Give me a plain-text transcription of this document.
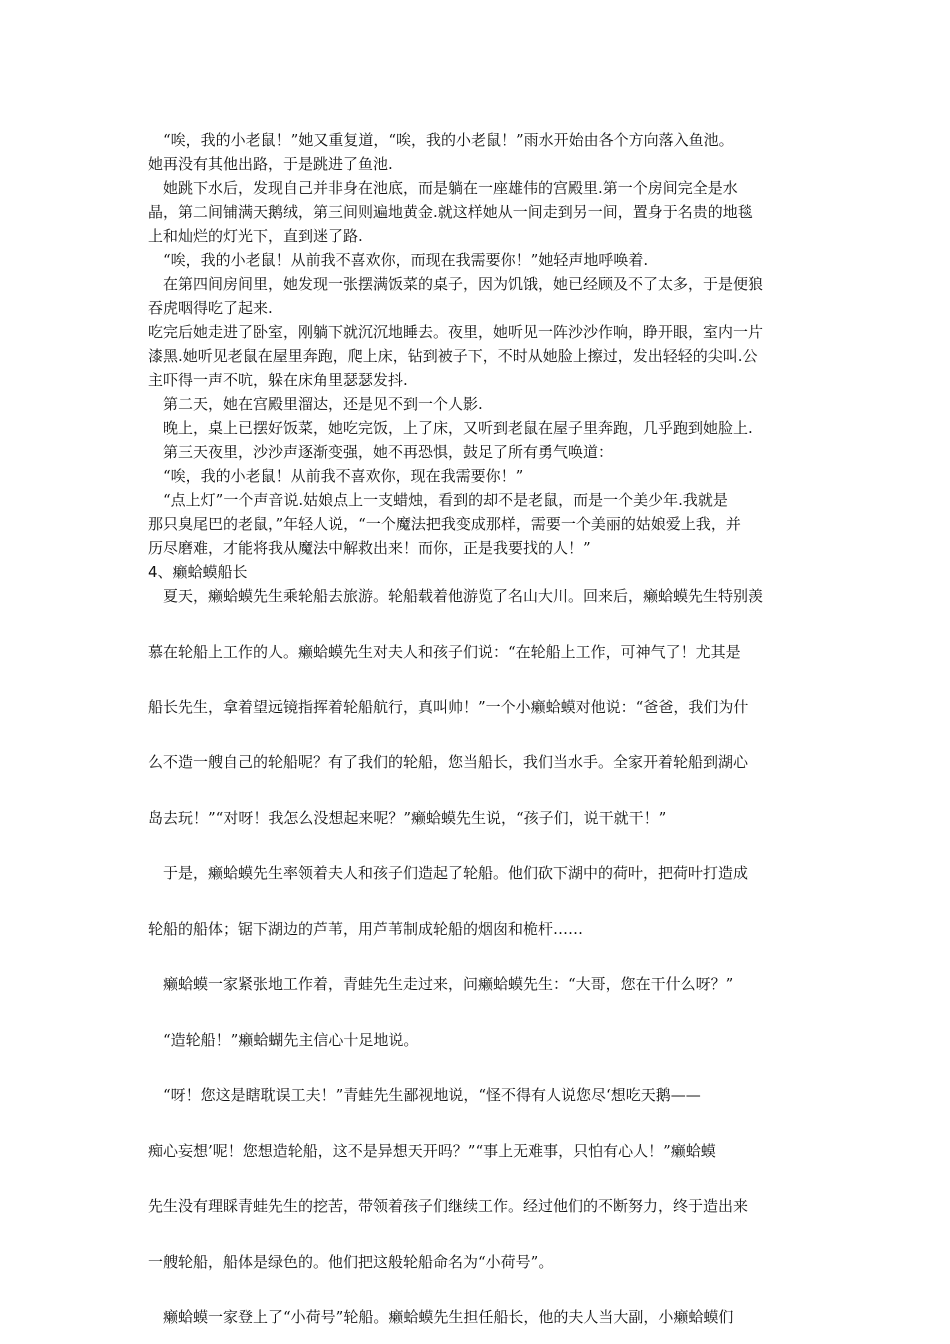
　“唉，我的小老鼠！”她又重复道，“唉，我的小老鼠！”雨水开始由各个方向落入鱼池。
她再没有其他出路，于是跳进了鱼池.
　她跳下水后，发现自己并非身在池底，而是躺在一座雄伟的宫殿里.第一个房间完全是水
晶，第二间铺满天鹅绒，第三间则遍地黄金.就这样她从一间走到另一间，置身于名贵的地毯
上和灿烂的灯光下，直到迷了路.
　“唉，我的小老鼠！从前我不喜欢你，而现在我需要你！”她轻声地呼唤着.
　在第四间房间里，她发现一张摆满饭菜的桌子，因为饥饿，她已经顾及不了太多，于是便狼
吞虎咽得吃了起来.
吃完后她走进了卧室，刚躺下就沉沉地睡去。夜里，她听见一阵沙沙作响，睁开眼，室内一片
漆黑.她听见老鼠在屋里奔跑，爬上床，钻到被子下，不时从她脸上擦过，发出轻轻的尖叫.公
主吓得一声不吭，躲在床角里瑟瑟发抖.
　第二天，她在宫殿里溜达，还是见不到一个人影.
　晚上，桌上已摆好饭菜，她吃完饭，上了床，又听到老鼠在屋子里奔跑，几乎跑到她脸上.
　第三天夜里，沙沙声逐渐变强，她不再恐惧，鼓足了所有勇气唤道：
　“唉，我的小老鼠！从前我不喜欢你，现在我需要你！”
　“点上灯”一个声音说.姑娘点上一支蜡烛，看到的却不是老鼠，而是一个美少年.我就是
那只臭尾巴的老鼠，”年轻人说，“一个魔法把我变成那样，需要一个美丽的姑娘爱上我，并
历尽磨难，才能将我从魔法中解救出来！而你，正是我要找的人！”
4、癞蛤蟆船长
　夏天，癞蛤蟆先生乘轮船去旅游。轮船载着他游览了名山大川。回来后，癞蛤蟆先生特别羡
慕在轮船上工作的人。癞蛤蟆先生对夫人和孩子们说：“在轮船上工作，可神气了！尤其是
船长先生，拿着望远镜指挥着轮船航行，真叫帅！”一个小癞蛤蟆对他说：“爸爸，我们为什
么不造一艘自己的轮船呢？有了我们的轮船，您当船长，我们当水手。全家开着轮船到湖心
岛去玩！”“对呀！我怎么没想起来呢？”癞蛤蟆先生说，“孩子们，说干就干！”
　于是，癞蛤蟆先生率领着夫人和孩子们造起了轮船。他们砍下湖中的荷叶，把荷叶打造成
轮船的船体；锯下湖边的芦苇，用芦苇制成轮船的烟囱和桅杆……
　癞蛤蟆一家紧张地工作着，青蛙先生走过来，问癞蛤蟆先生：“大哥，您在干什么呀？”
　“造轮船！”癞蛤蝴先主信心十足地说。
　“呀！您这是瞎耽误工夫！”青蛙先生鄙视地说，“怪不得有人说您尽‘想吃天鹅——
痴心妄想’呢！您想造轮船，这不是异想天开吗？”“事上无难事，只怕有心人！”癞蛤蟆
先生没有理睬青蛙先生的挖苦，带领着孩子们继续工作。经过他们的不断努力，终于造出来
一艘轮船，船体是绿色的。他们把这般轮船命名为“小荷号”。
　癞蛤蟆一家登上了“小荷号”轮船。癞蛤蟆先生担任船长，他的夫人当大副，小癞蛤蟆们
